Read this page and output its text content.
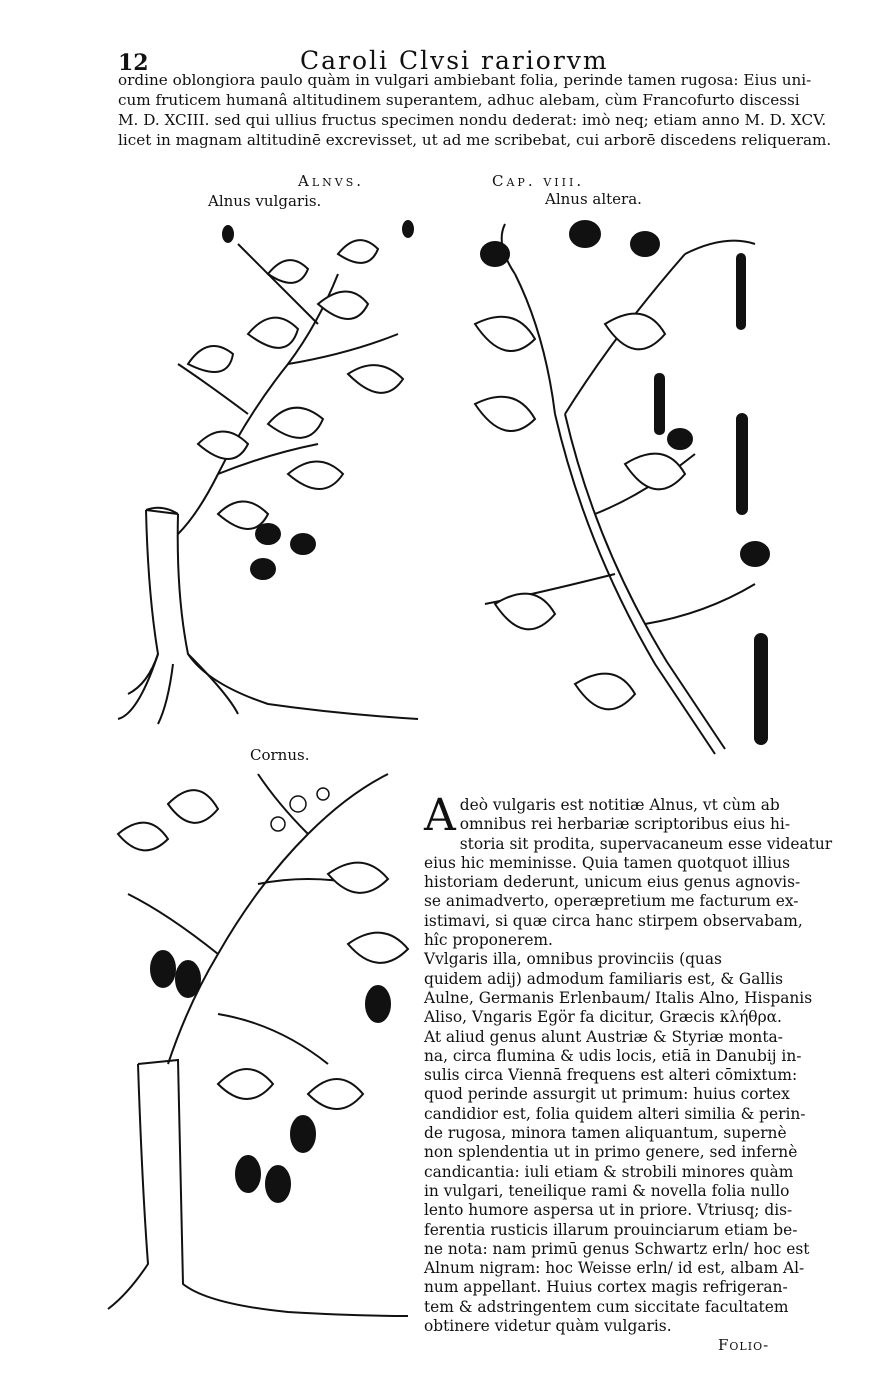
12	Caroli Clvsi rariorvm
ordine oblongiora paulo quàm in vulgari ambiebant folia, perinde tamen rugosa: Eius uni-
cum fruticem humanâ altitudinem superantem, adhuc alebam, cùm Francofurto discessi
M. D. XCIII. sed qui ullius fructus specimen nondu dederat: imò neq; etiam anno M. D. XCV.
licet in magnam altitudinē excrevisset, ut ad me scribebat, cui arborē discedens reliqueram.
Alnvs.	Cap. viii.
Alnus vulgaris.	Alnus altera.
Cornus.
A deò vulgaris est notitiæ Alnus, vt cùm ab
omnibus rei herbariæ scriptoribus eius hi-
storia sit prodita, supervacaneum esse videatur
eius hic meminisse. Quia tamen quotquot illius
historiam dederunt, unicum eius genus agnovis-
se animadverto, operæpretium me facturum ex-
istimavi, si quæ circa hanc stirpem observabam,
hîc proponerem.
Vvlgaris illa, omnibus provinciis (quas
quidem adij) admodum familiaris est, & Gallis
Aulne, Germanis Erlenbaum/ Italis Alno, Hispanis
Aliso, Vngaris Egör fa dicitur, Græcis κλήθρα.
At aliud genus alunt Austriæ & Styriæ monta-
na, circa flumina & udis locis, etiā in Danubij in-
sulis circa Viennā frequens est alteri cōmixtum:
quod perinde assurgit ut primum: huius cortex
candidior est, folia quidem alteri similia & perin-
de rugosa, minora tamen aliquantum, supernè
non splendentia ut in primo genere, sed infernè
candicantia: iuli etiam & strobili minores quàm
in vulgari, teneilique rami & novella folia nullo
lento humore aspersa ut in priore. Vtriusq; dis-
ferentia rusticis illarum prouinciarum etiam be-
ne nota: nam primū genus Schwartz erln/ hoc est
Alnum nigram: hoc Weisse erln/ id est, albam Al-
num appellant. Huius cortex magis refrigeran-
tem & adstringentem cum siccitate facultatem
obtinere videtur quàm vulgaris.
Folio-
